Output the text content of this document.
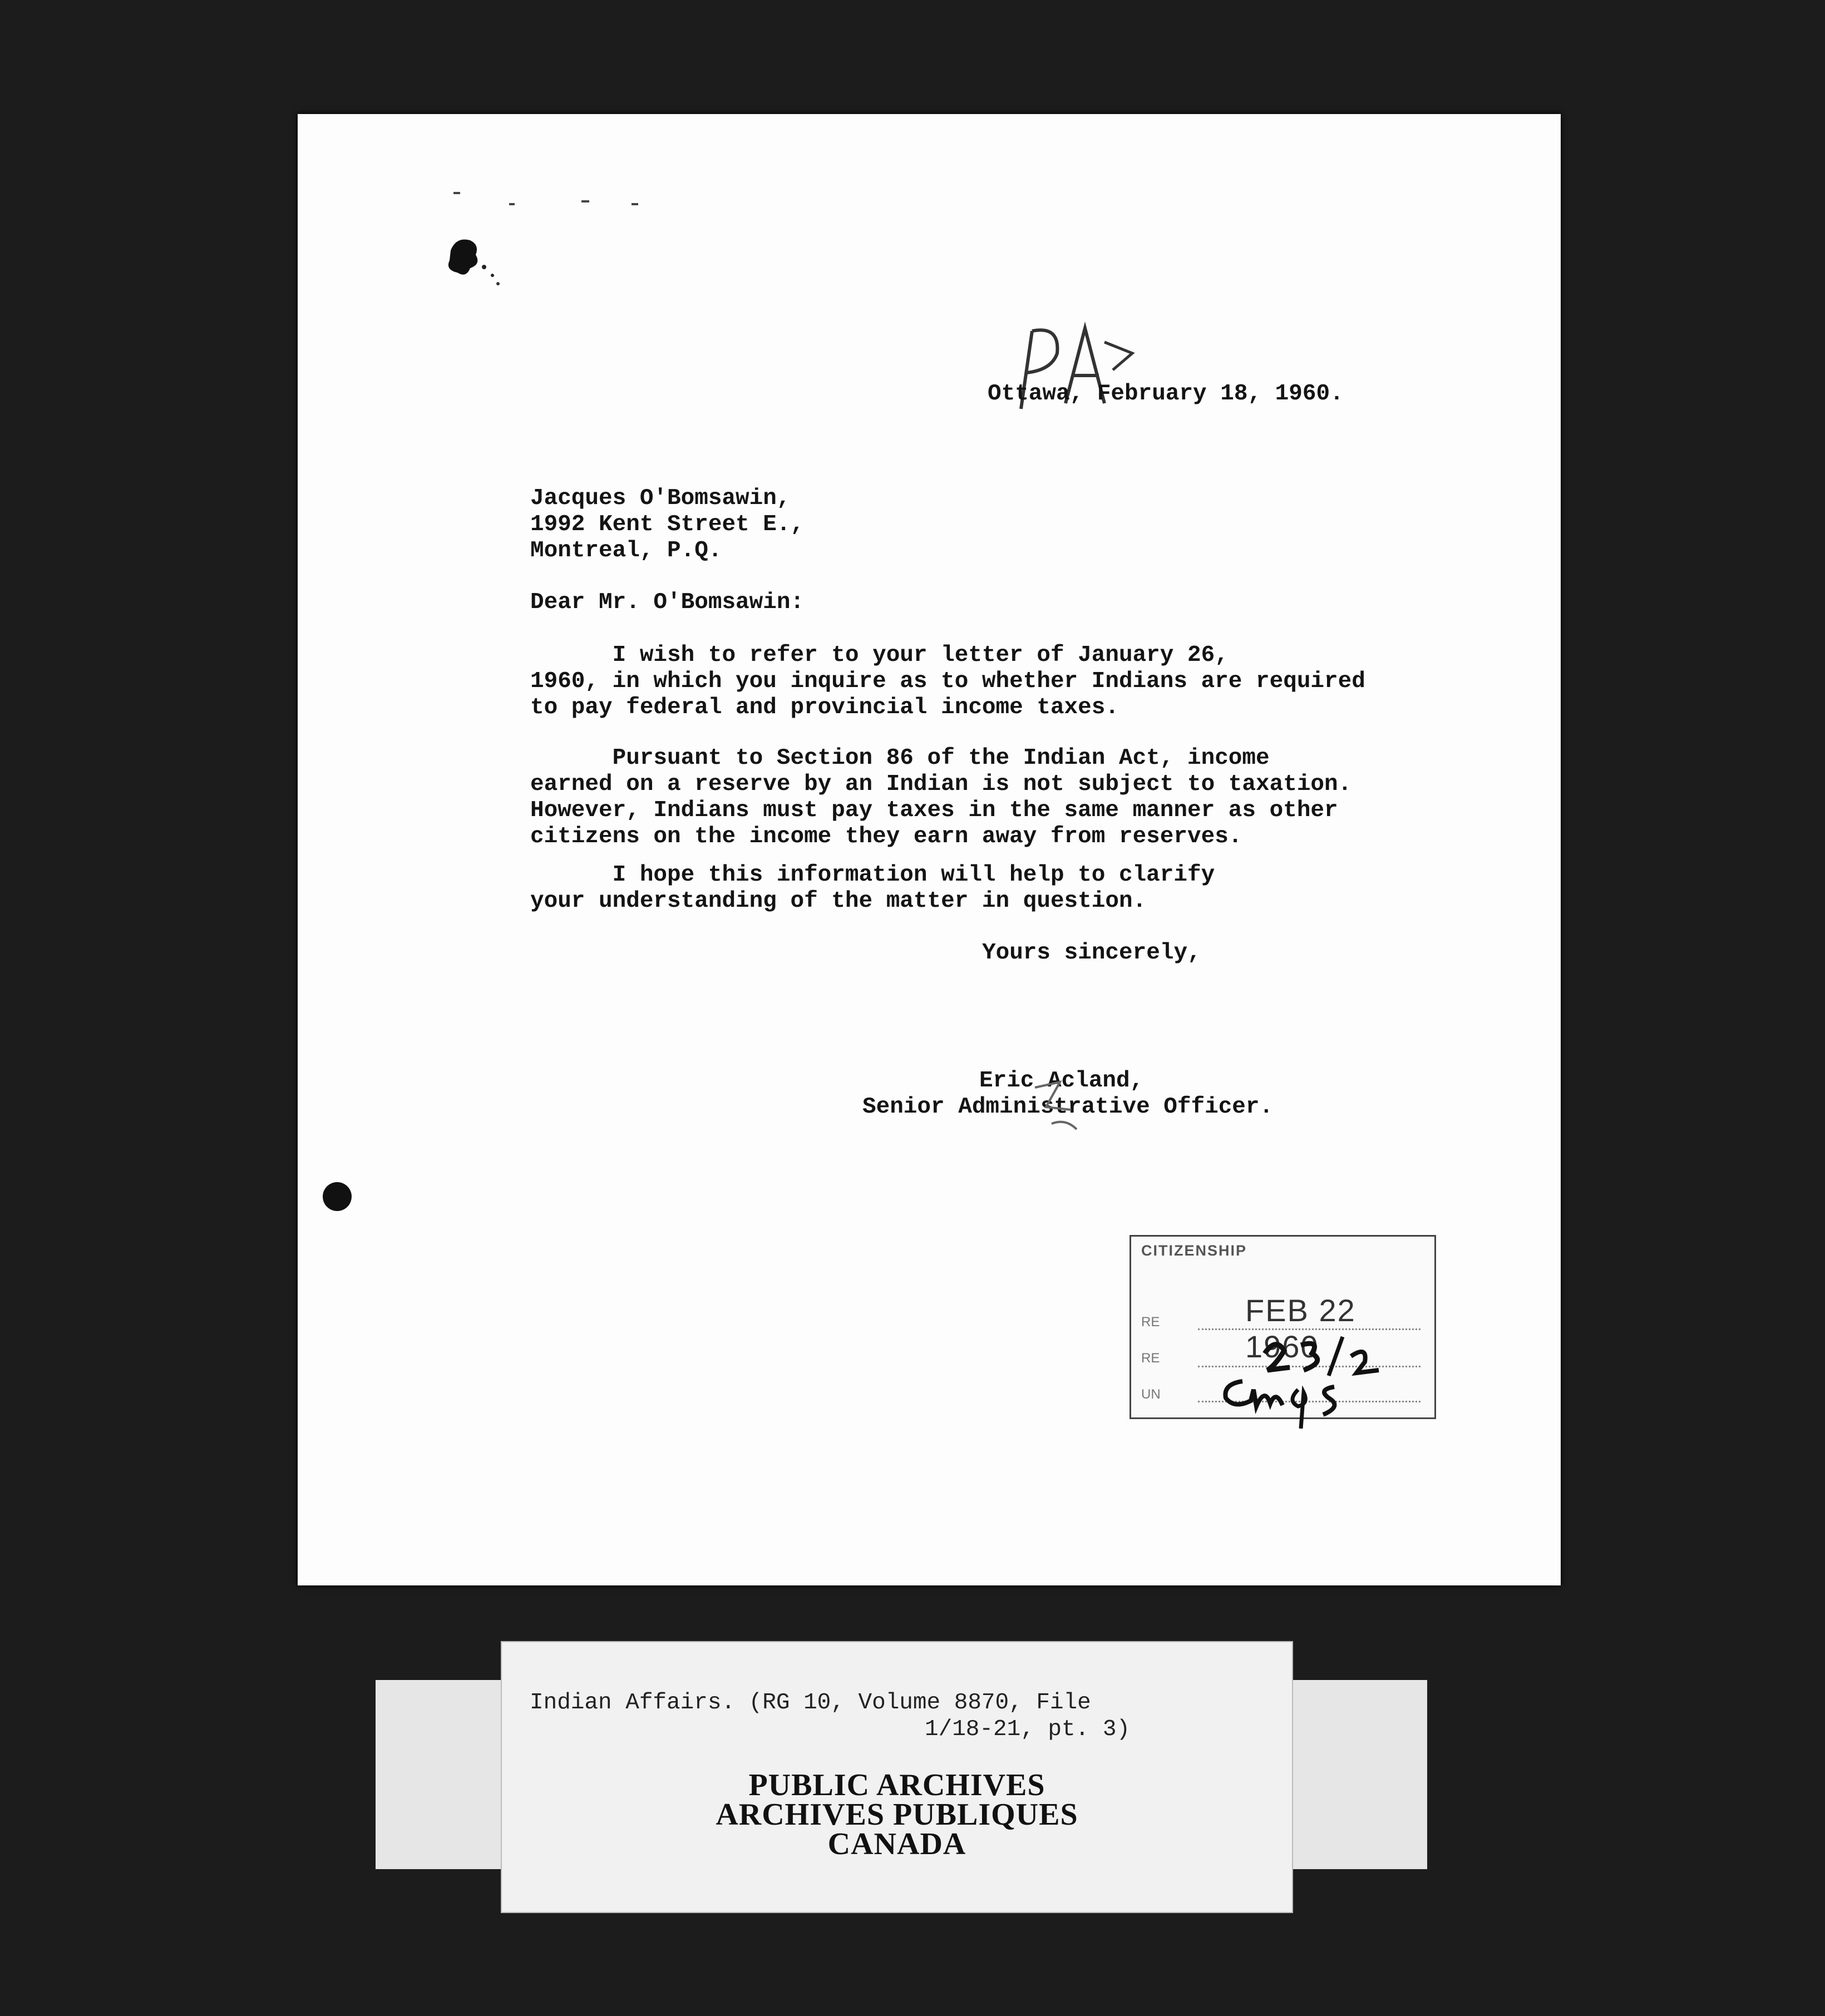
Ottawa, February 18, 1960.
Jacques O'Bomsawin,
1992 Kent Street E.,
Montreal, P.Q.
Dear Mr. O'Bomsawin:
I wish to refer to your letter of January 26,
1960, in which you inquire as to whether Indians are required
to pay federal and provincial income taxes.
Pursuant to Section 86 of the Indian Act, income
earned on a reserve by an Indian is not subject to taxation.
However, Indians must pay taxes in the same manner as other
citizens on the income they earn away from reserves.
I hope this information will help to clarify
your understanding of the matter in question.
Yours sincerely,
Eric Acland,
Senior Administrative Officer.
CITIZENSHIP
RE
RE
UN
FEB 22 1960
Indian Affairs. (RG 10, Volume 8870, File
1/18-21, pt. 3)
PUBLIC ARCHIVES
ARCHIVES PUBLIQUES
CANADA
